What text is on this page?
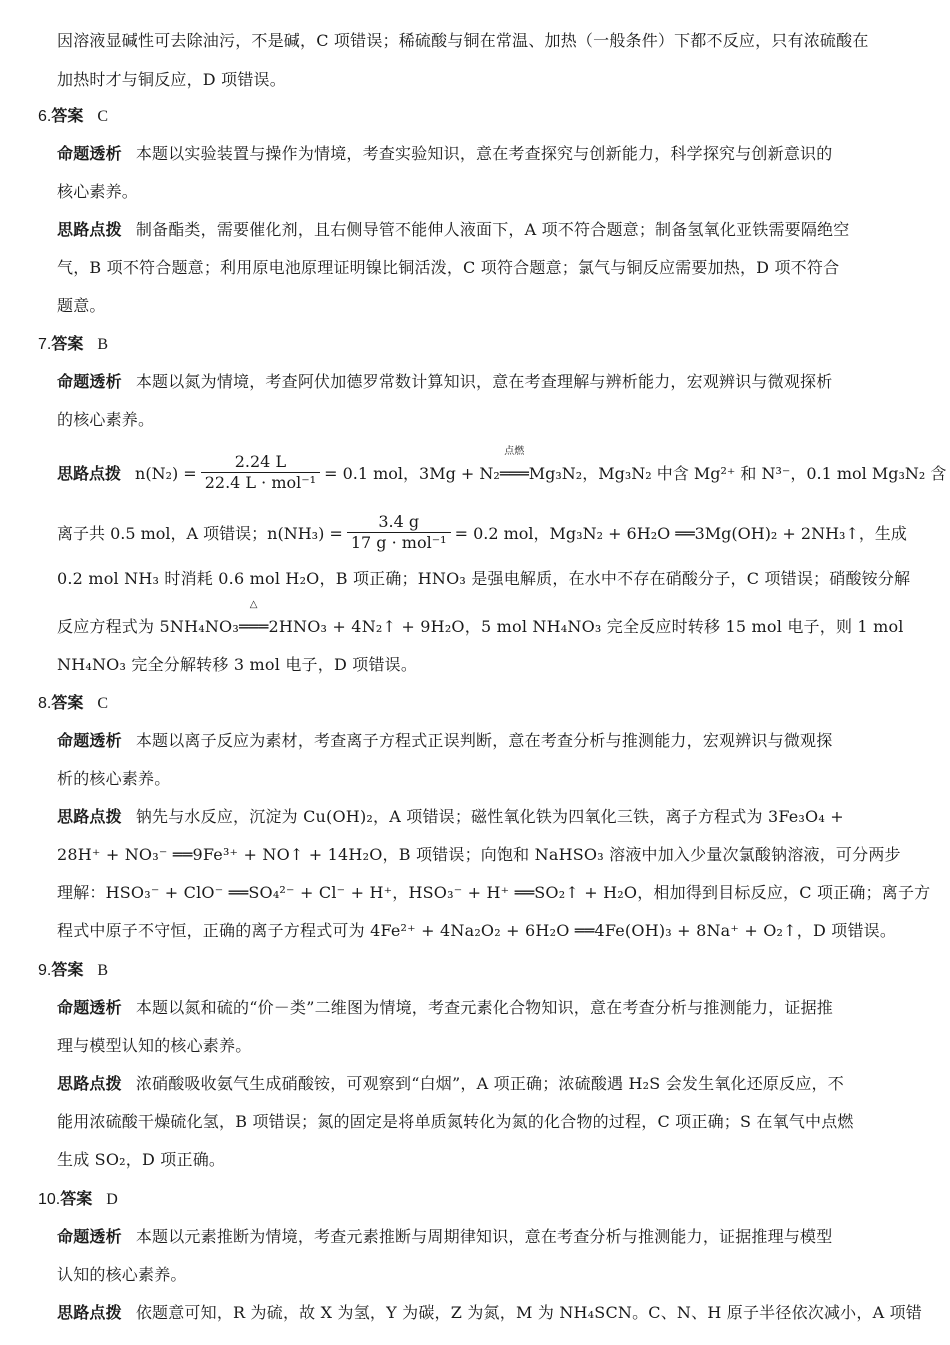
因溶液显碱性可去除油污，不是碱，C 项错误；稀硫酸与铜在常温、加热（一般条件）下都不反应，只有浓硫酸在
加热时才与铜反应，D 项错误。
6.答案 C
命题透析 本题以实验装置与操作为情境，考查实验知识，意在考查探究与创新能力，科学探究与创新意识的
核心素养。
思路点拨 制备酯类，需要催化剂，且右侧导管不能伸人液面下，A 项不符合题意；制备氢氧化亚铁需要隔绝空
气，B 项不符合题意；利用原电池原理证明镍比铜活泼，C 项符合题意；氯气与铜反应需要加热，D 项不符合
题意。
7.答案 B
命题透析 本题以氮为情境，考查阿伏加德罗常数计算知识，意在考查理解与辨析能力，宏观辨识与微观探析
的核心素养。
思路点拨 $n(N_2) = \frac{2.24 L}{\text{22.4 L · mol⁻¹}} = 0.1$ mol，3Mg + N₂
点燃
═══Mg₃N₂，Mg₃N₂ 中含 Mg²⁺ 和 N³⁻，0.1 mol Mg₃N₂ 含
离子共 0.5 mol，A 项错误；$n(NH_3) = \frac{3.4 g}{\text{17 g · mol⁻¹}} = 0.2$ mol，Mg₃N₂ + 6H₂O ══3Mg(OH)₂ + 2NH₃↑，生成
0.2 mol NH₃ 时消耗 0.6 mol H₂O，B 项正确；HNO₃ 是强电解质，在水中不存在硝酸分子，C 项错误；硝酸铵分解
反应方程式为 5NH₄NO₃
△
═══2HNO₃ + 4N₂↑ + 9H₂O，5 mol NH₄NO₃ 完全反应时转移 15 mol 电子，则 1 mol
NH₄NO₃ 完全分解转移 3 mol 电子，D 项错误。
8.答案 C
命题透析 本题以离子反应为素材，考查离子方程式正误判断，意在考查分析与推测能力，宏观辨识与微观探
析的核心素养。
思路点拨 钠先与水反应，沉淀为 Cu(OH)₂，A 项错误；磁性氧化铁为四氧化三铁，离子方程式为 3Fe₃O₄ +
28H⁺ + NO₃⁻ ══9Fe³⁺ + NO↑ + 14H₂O，B 项错误；向饱和 NaHSO₃ 溶液中加入少量次氯酸钠溶液，可分两步
理解：HSO₃⁻ + ClO⁻ ══SO₄²⁻ + Cl⁻ + H⁺，HSO₃⁻ + H⁺ ══SO₂↑ + H₂O，相加得到目标反应，C 项正确；离子方
程式中原子不守恒，正确的离子方程式可为 4Fe²⁺ + 4Na₂O₂ + 6H₂O ══4Fe(OH)₃ + 8Na⁺ + O₂↑，D 项错误。
9.答案 B
命题透析 本题以氮和硫的“价－类”二维图为情境，考查元素化合物知识，意在考查分析与推测能力，证据推
理与模型认知的核心素养。
思路点拨 浓硝酸吸收氨气生成硝酸铵，可观察到“白烟”，A 项正确；浓硫酸遇 H₂S 会发生氧化还原反应，不
能用浓硫酸干燥硫化氢，B 项错误；氮的固定是将单质氮转化为氮的化合物的过程，C 项正确；S 在氧气中点燃
生成 SO₂，D 项正确。
10.答案 D
命题透析 本题以元素推断为情境，考查元素推断与周期律知识，意在考查分析与推测能力，证据推理与模型
认知的核心素养。
思路点拨 依题意可知，R 为硫，故 X 为氢，Y 为碳，Z 为氮，M 为 NH₄SCN。C、N、H 原子半径依次减小，A 项错
